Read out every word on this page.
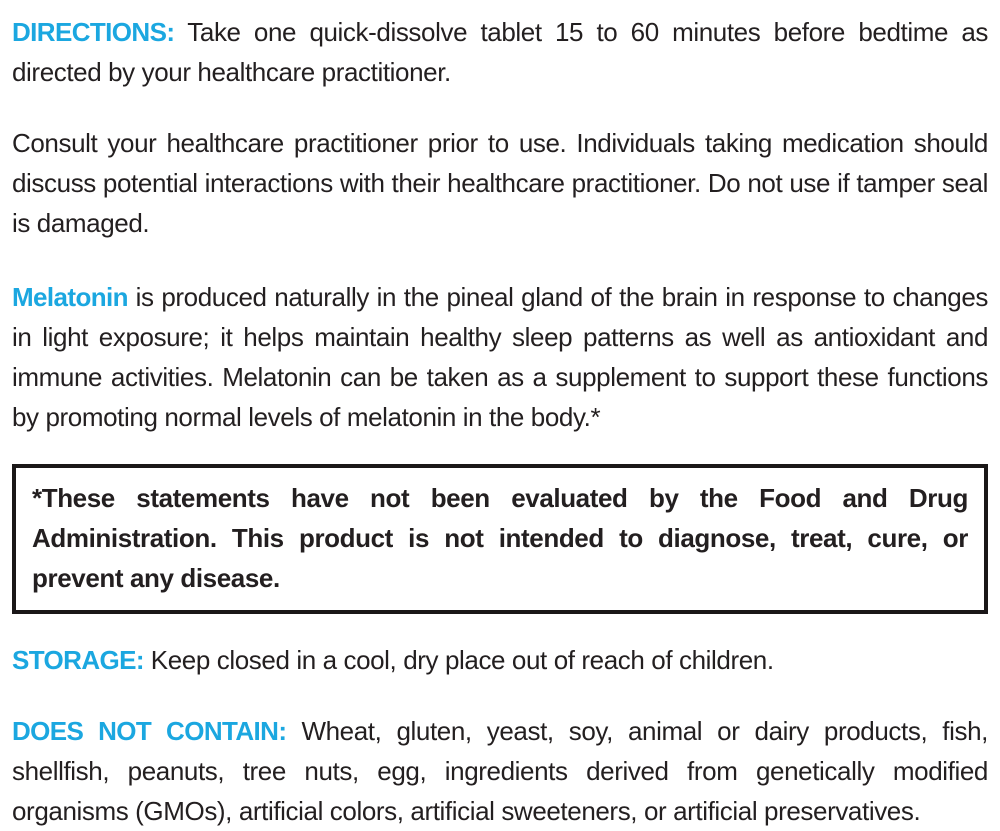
DIRECTIONS: Take one quick-dissolve tablet 15 to 60 minutes before bedtime as directed by your healthcare practitioner.

Consult your healthcare practitioner prior to use. Individuals taking medication should discuss potential interactions with their healthcare practitioner. Do not use if tamper seal is damaged.

Melatonin is produced naturally in the pineal gland of the brain in response to changes in light exposure; it helps maintain healthy sleep patterns as well as antioxidant and immune activities. Melatonin can be taken as a supplement to support these functions by promoting normal levels of melatonin in the body.*

*These statements have not been evaluated by the Food and Drug Administration. This product is not intended to diagnose, treat, cure, or prevent any disease.

STORAGE: Keep closed in a cool, dry place out of reach of children.

DOES NOT CONTAIN: Wheat, gluten, yeast, soy, animal or dairy products, fish, shellfish, peanuts, tree nuts, egg, ingredients derived from genetically modified organisms (GMOs), artificial colors, artificial sweeteners, or artificial preservatives.
